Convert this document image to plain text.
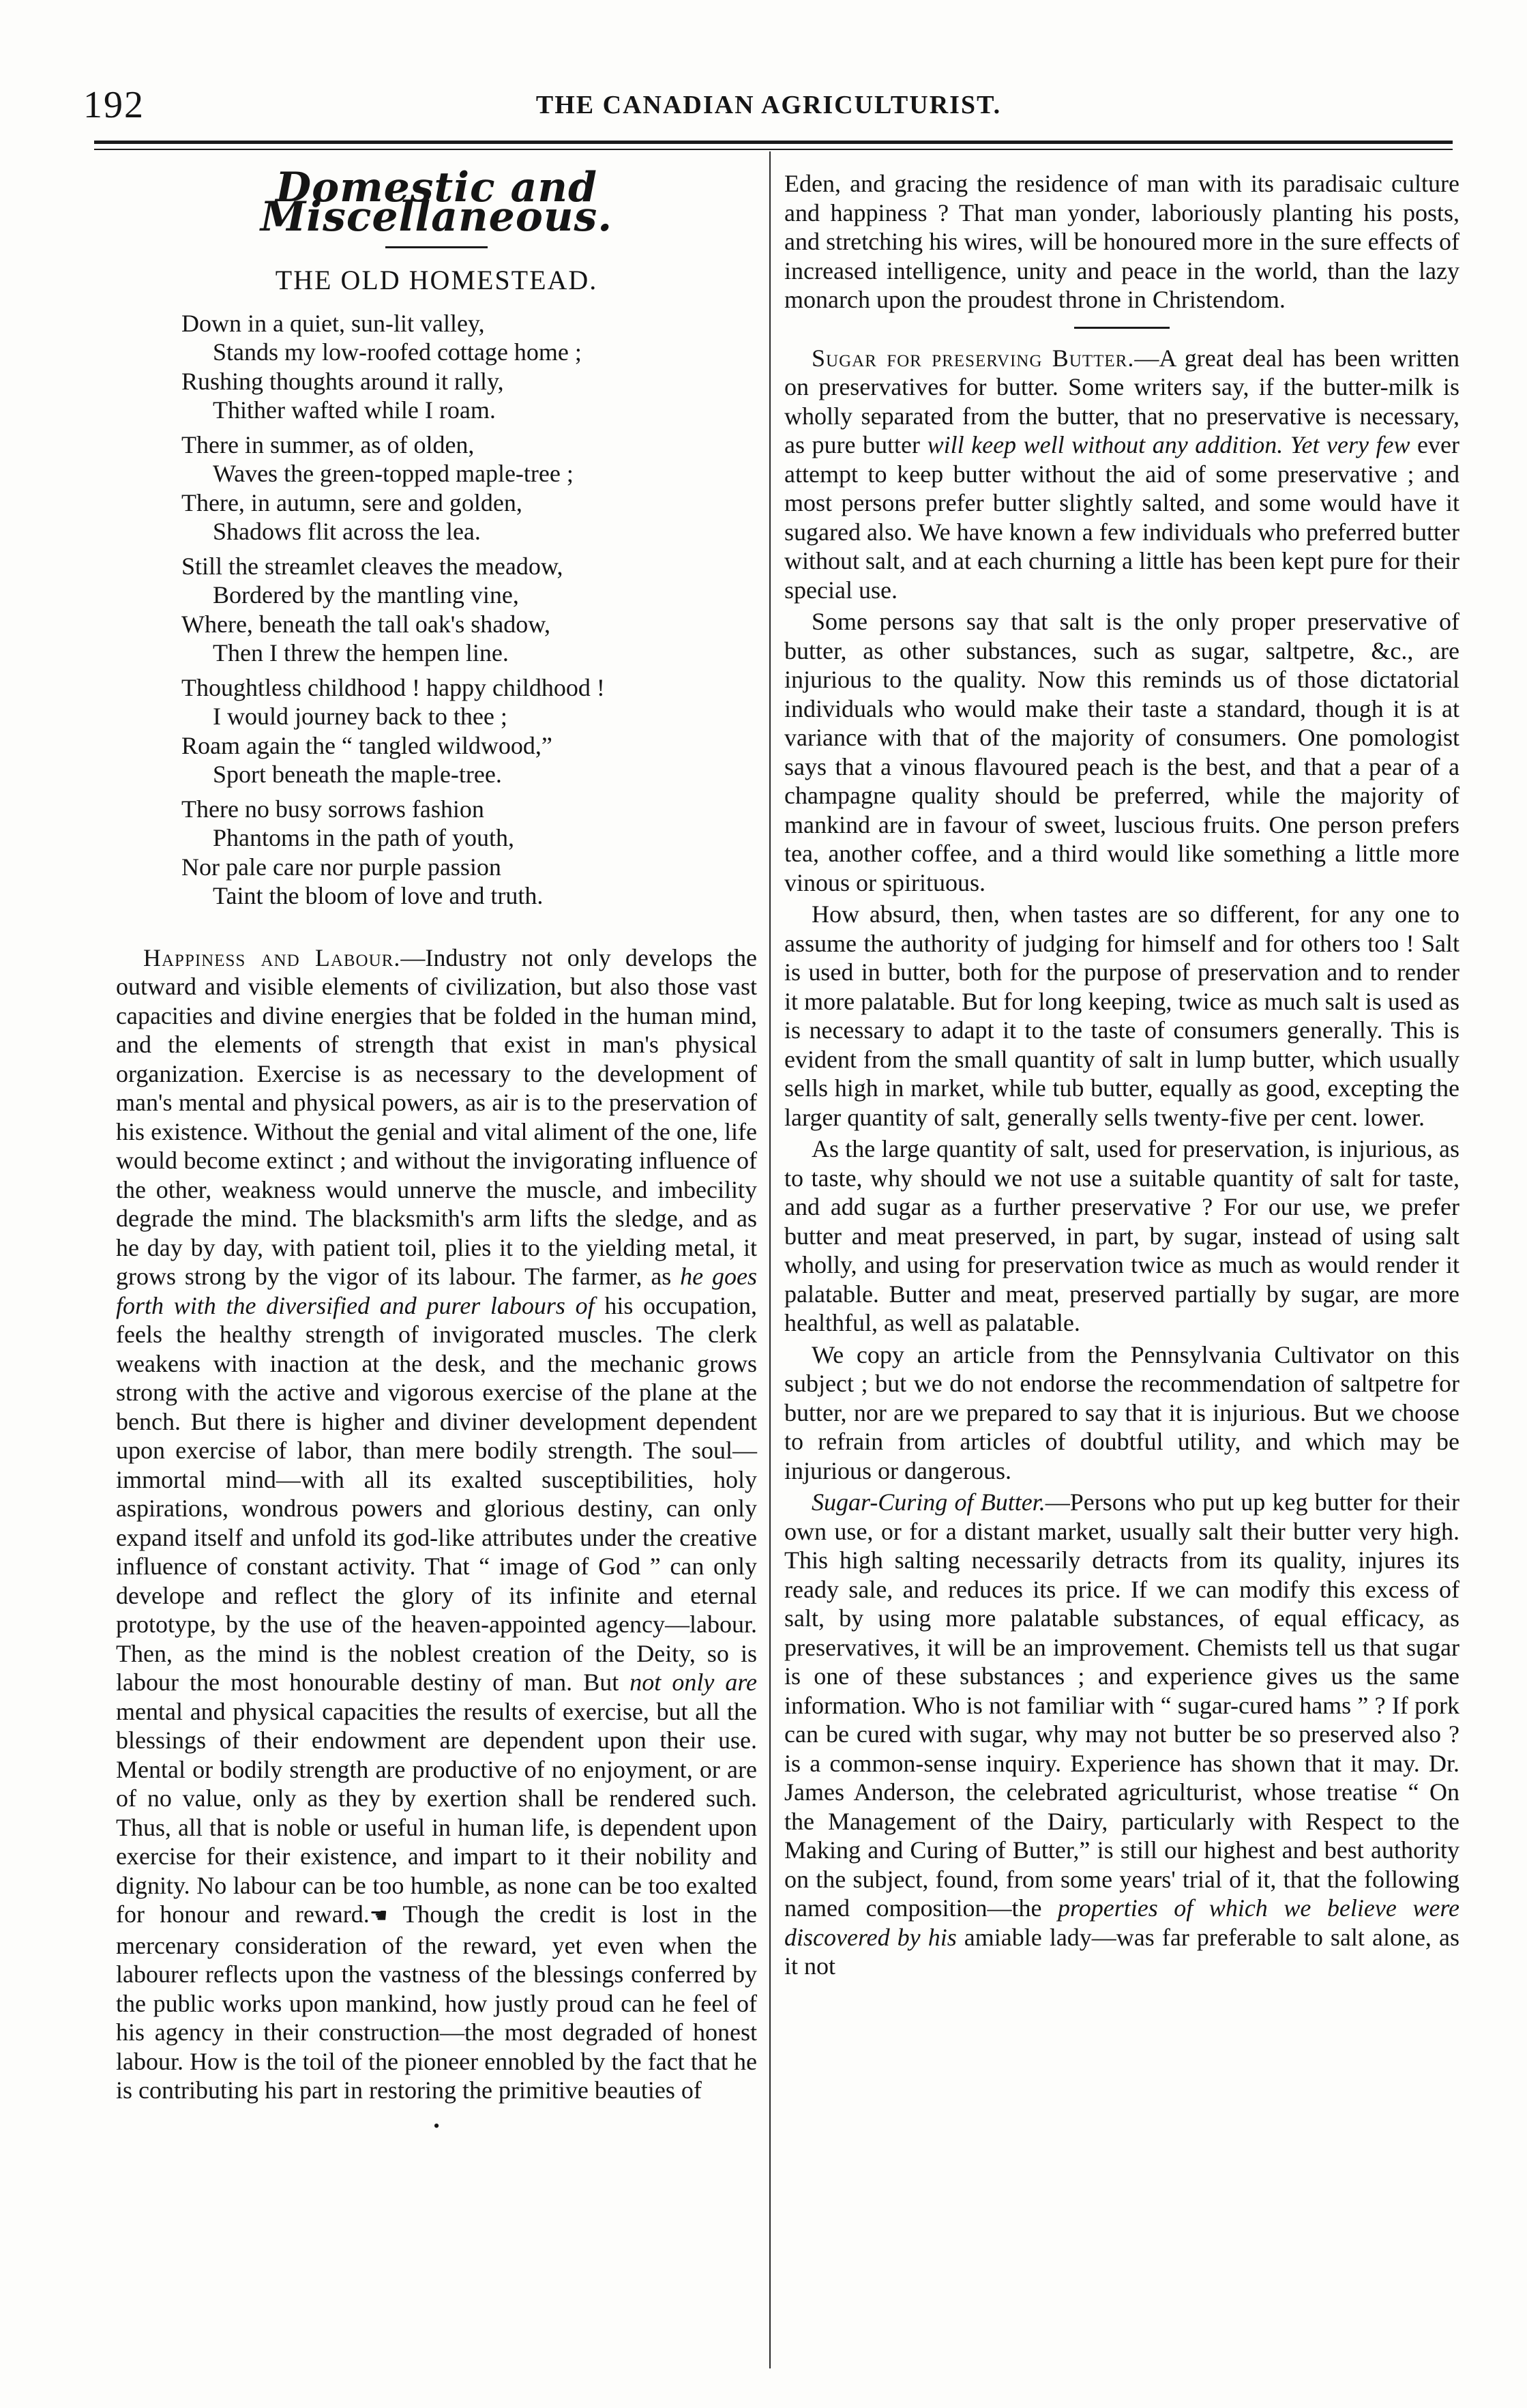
192	THE CANADIAN AGRICULTURIST.
Domestic and Miscellaneous.
THE OLD HOMESTEAD.
Down in a quiet, sun-lit valley,
Stands my low-roofed cottage home ;
Rushing thoughts around it rally,
Thither wafted while I roam.
There in summer, as of olden,
Waves the green-topped maple-tree ;
There, in autumn, sere and golden,
Shadows flit across the lea.
Still the streamlet cleaves the meadow,
Bordered by the mantling vine,
Where, beneath the tall oak's shadow,
Then I threw the hempen line.
Thoughtless childhood ! happy childhood !
I would journey back to thee ;
Roam again the “ tangled wildwood,”
Sport beneath the maple-tree.
There no busy sorrows fashion
Phantoms in the path of youth,
Nor pale care nor purple passion
Taint the bloom of love and truth.

Happiness and Labour.—Industry not only develops the outward and visible elements of civilization, but also those vast capacities and divine energies that be folded in the human mind, and the elements of strength that exist in man's physical organization. Exercise is as necessary to the development of man's mental and physical powers, as air is to the preservation of his existence. Without the genial and vital aliment of the one, life would become extinct ; and without the invigorating influence of the other, weakness would unnerve the muscle, and imbecility degrade the mind. The blacksmith's arm lifts the sledge, and as he day by day, with patient toil, plies it to the yielding metal, it grows strong by the vigor of its labour. The farmer, as he goes forth with the diversified and purer labours of his occupation, feels the healthy strength of invigorated muscles. The clerk weakens with inaction at the desk, and the mechanic grows strong with the active and vigorous exercise of the plane at the bench. But there is higher and diviner development dependent upon exercise of labor, than mere bodily strength. The soul—immortal mind—with all its exalted susceptibilities, holy aspirations, wondrous powers and glorious destiny, can only expand itself and unfold its god-like attributes under the creative influence of constant activity. That “ image of God ” can only develope and reflect the glory of its infinite and eternal prototype, by the use of the heaven-appointed agency—labour. Then, as the mind is the noblest creation of the Deity, so is labour the most honourable destiny of man. But not only are mental and physical capacities the results of exercise, but all the blessings of their endowment are dependent upon their use. Mental or bodily strength are productive of no enjoyment, or are of no value, only as they by exertion shall be rendered such. Thus, all that is noble or useful in human life, is dependent upon exercise for their existence, and impart to it their nobility and dignity. No labour can be too humble, as none can be too exalted for honour and reward.☚ Though the credit is lost in the mercenary consideration of the reward, yet even when the labourer reflects upon the vastness of the blessings conferred by the public works upon mankind, how justly proud can he feel of his agency in their construction—the most degraded of honest labour. How is the toil of the pioneer ennobled by the fact that he is contributing his part in restoring the primitive beauties of

•

Eden, and gracing the residence of man with its paradisaic culture and happiness ? That man yonder, laboriously planting his posts, and stretching his wires, will be honoured more in the sure effects of increased intelligence, unity and peace in the world, than the lazy monarch upon the proudest throne in Christendom.

Sugar for preserving Butter.—A great deal has been written on preservatives for butter. Some writers say, if the butter-milk is wholly separated from the butter, that no preservative is necessary, as pure butter will keep well without any addition. Yet very few ever attempt to keep butter without the aid of some preservative ; and most persons prefer butter slightly salted, and some would have it sugared also. We have known a few individuals who preferred butter without salt, and at each churning a little has been kept pure for their special use.

Some persons say that salt is the only proper preservative of butter, as other substances, such as sugar, saltpetre, &c., are injurious to the quality. Now this reminds us of those dictatorial individuals who would make their taste a standard, though it is at variance with that of the majority of consumers. One pomologist says that a vinous flavoured peach is the best, and that a pear of a champagne quality should be preferred, while the majority of mankind are in favour of sweet, luscious fruits. One person prefers tea, another coffee, and a third would like something a little more vinous or spirituous.

How absurd, then, when tastes are so different, for any one to assume the authority of judging for himself and for others too ! Salt is used in butter, both for the purpose of preservation and to render it more palatable. But for long keeping, twice as much salt is used as is necessary to adapt it to the taste of consumers generally. This is evident from the small quantity of salt in lump butter, which usually sells high in market, while tub butter, equally as good, excepting the larger quantity of salt, generally sells twenty-five per cent. lower.

As the large quantity of salt, used for preservation, is injurious, as to taste, why should we not use a suitable quantity of salt for taste, and add sugar as a further preservative ? For our use, we prefer butter and meat preserved, in part, by sugar, instead of using salt wholly, and using for preservation twice as much as would render it palatable. Butter and meat, preserved partially by sugar, are more healthful, as well as palatable.

We copy an article from the Pennsylvania Cultivator on this subject ; but we do not endorse the recommendation of saltpetre for butter, nor are we prepared to say that it is injurious. But we choose to refrain from articles of doubtful utility, and which may be injurious or dangerous.

Sugar-Curing of Butter.—Persons who put up keg butter for their own use, or for a distant market, usually salt their butter very high. This high salting necessarily detracts from its quality, injures its ready sale, and reduces its price. If we can modify this excess of salt, by using more palatable substances, of equal efficacy, as preservatives, it will be an improvement. Chemists tell us that sugar is one of these substances ; and experience gives us the same information. Who is not familiar with “ sugar-cured hams ” ? If pork can be cured with sugar, why may not butter be so preserved also ? is a common-sense inquiry. Experience has shown that it may. Dr. James Anderson, the celebrated agriculturist, whose treatise “ On the Management of the Dairy, particularly with Respect to the Making and Curing of Butter,” is still our highest and best authority on the subject, found, from some years' trial of it, that the following named composition—the properties of which we believe were discovered by his amiable lady—was far preferable to salt alone, as it not
